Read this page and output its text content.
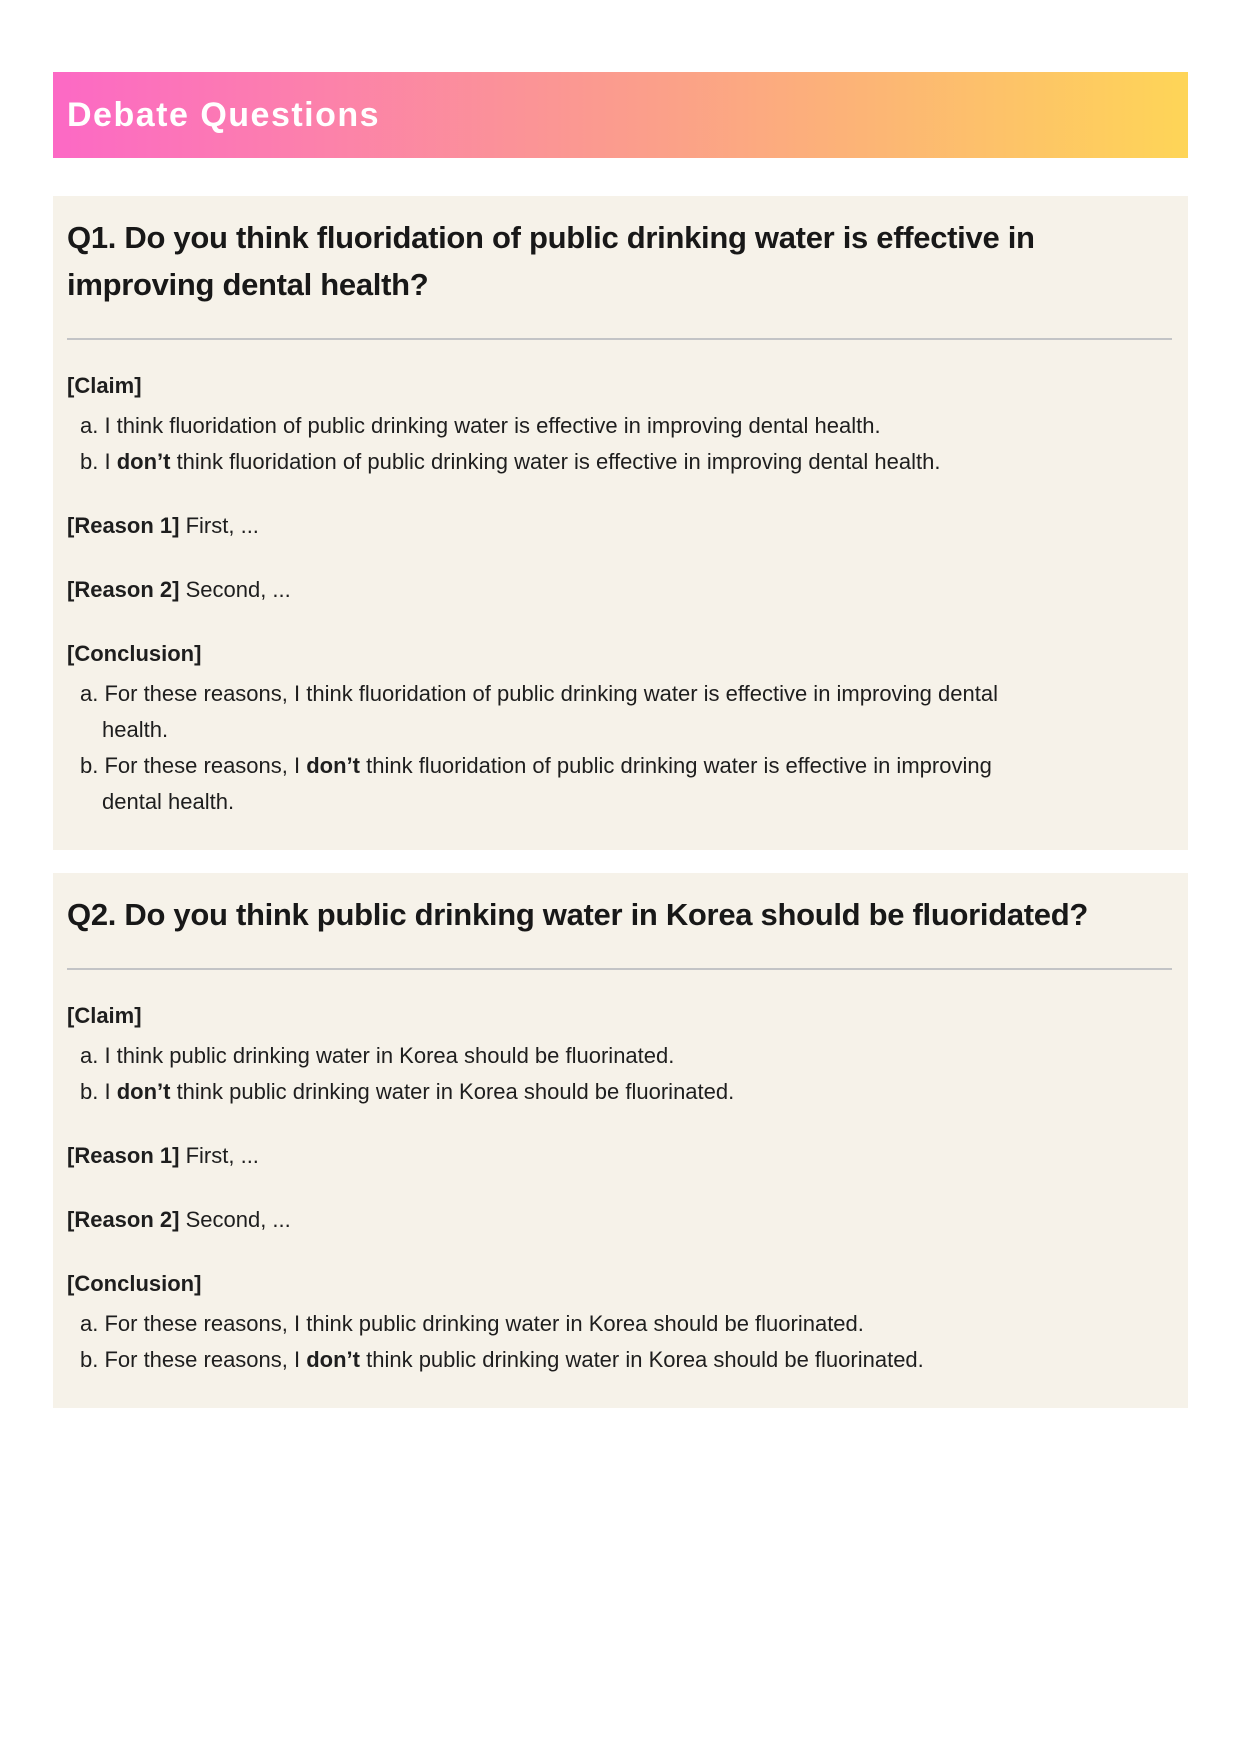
Debate Questions
Q1. Do you think fluoridation of public drinking water is effective in improving dental health?
[Claim]
a. I think fluoridation of public drinking water is effective in improving dental health.
b. I don’t think fluoridation of public drinking water is effective in improving dental health.
[Reason 1] First, ...
[Reason 2] Second, ...
[Conclusion]
a. For these reasons, I think fluoridation of public drinking water is effective in improving dental health.
b. For these reasons, I don’t think fluoridation of public drinking water is effective in improving dental health.
Q2. Do you think public drinking water in Korea should be fluoridated?
[Claim]
a. I think public drinking water in Korea should be fluorinated.
b. I don’t think public drinking water in Korea should be fluorinated.
[Reason 1] First, ...
[Reason 2] Second, ...
[Conclusion]
a. For these reasons, I think public drinking water in Korea should be fluorinated.
b. For these reasons, I don’t think public drinking water in Korea should be fluorinated.
